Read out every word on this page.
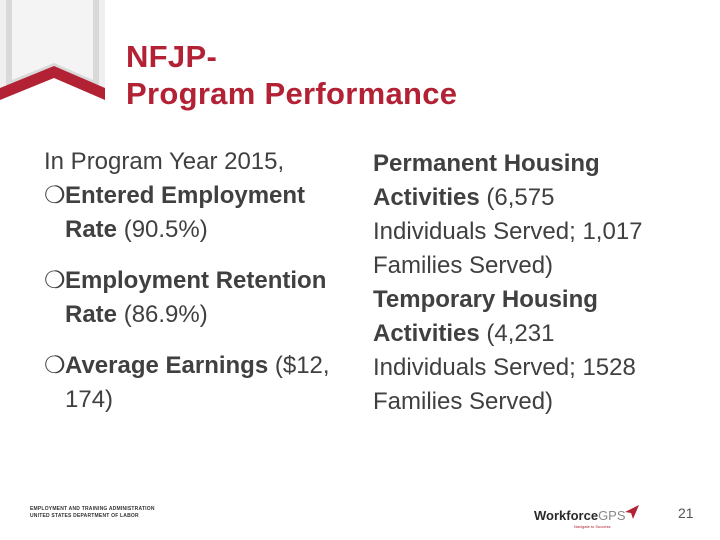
NFJP-
Program Performance
In Program Year 2015,
❍ Entered Employment Rate (90.5%)
❍ Employment Retention Rate (86.9%)
❍ Average Earnings ($12, 174)
Permanent Housing Activities (6,575 Individuals Served; 1,017 Families Served)
Temporary Housing Activities (4,231 Individuals Served; 1528 Families Served)
EMPLOYMENT AND TRAINING ADMINISTRATION
UNITED STATES DEPARTMENT OF LABOR	WorkforceGPS
Navigate to Success
21
